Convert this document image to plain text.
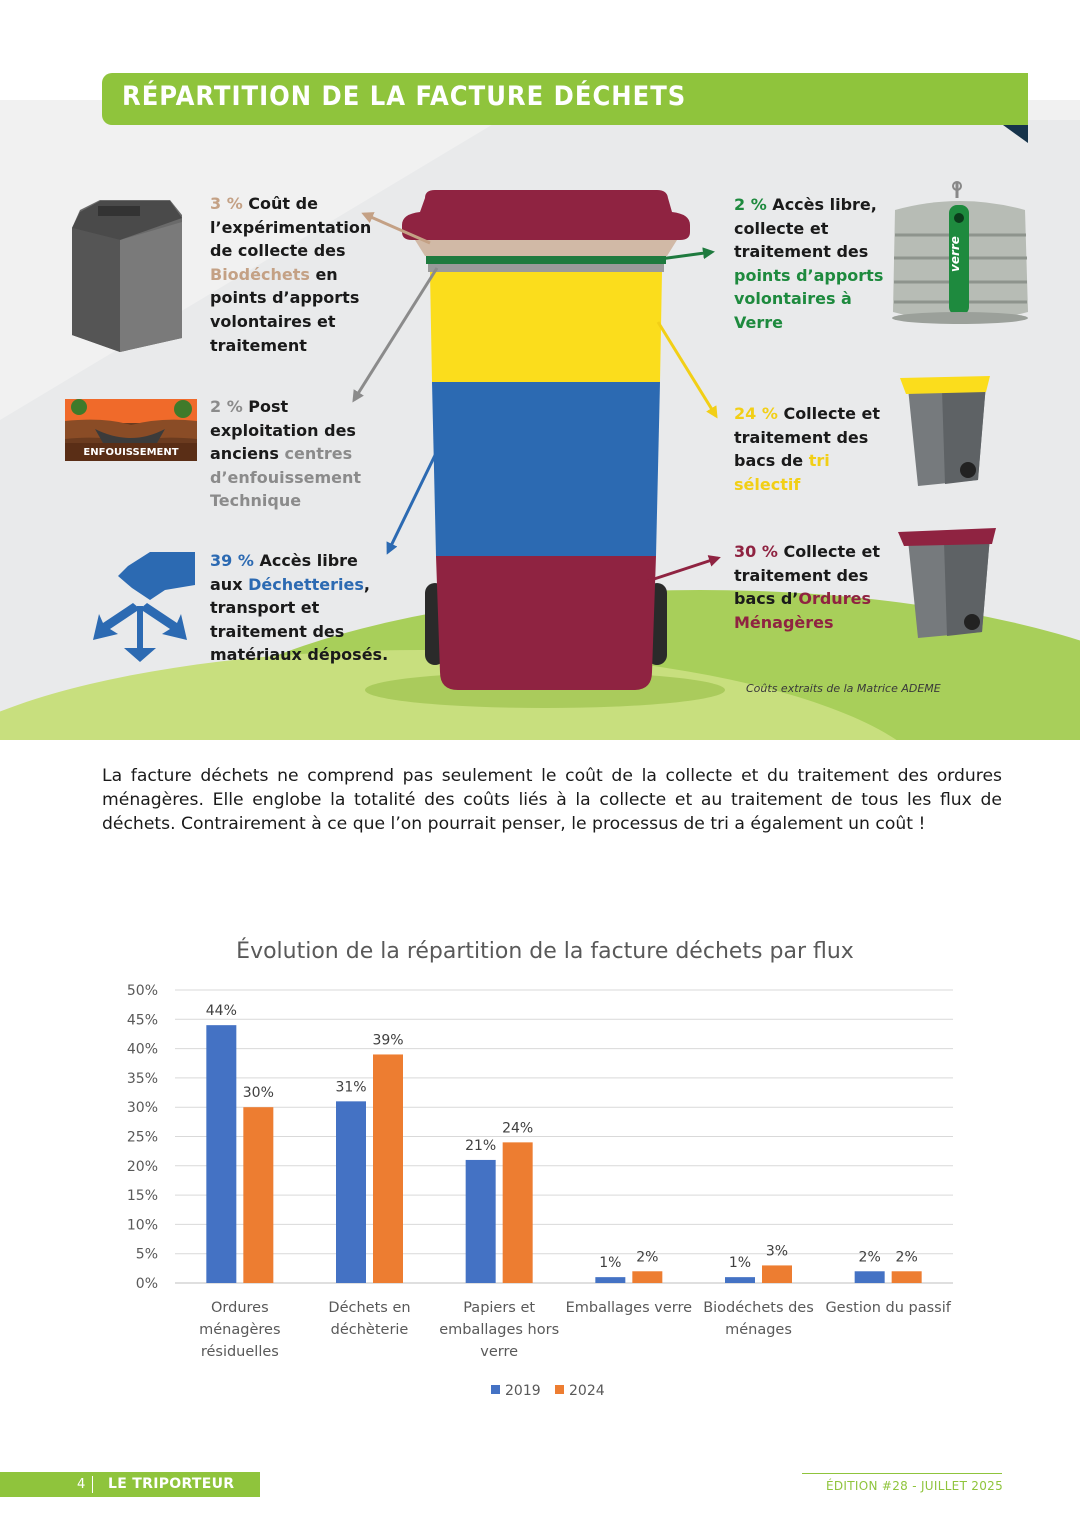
RÉPARTITION DE LA FACTURE DÉCHETS
ENFOUISSEMENT
verre
3 % Coût de l’expérimentation de collecte des Biodéchets en points d’apports volontaires et traitement
2 % Post exploitation des anciens centres d’enfouissement Technique
39 % Accès libre aux Déchetteries, transport et traitement des matériaux déposés.
2 % Accès libre, collecte et traitement des points d’apports volontaires à Verre
24 % Collecte et traitement des bacs de tri sélectif
30 % Collecte et traitement des bacs d’Ordures Ménagères
Coûts extraits de la Matrice ADEME

La facture déchets ne comprend pas seulement le coût de la collecte et du traitement des ordures ménagères. Elle englobe la totalité des coûts liés à la collecte et au traitement de tous les flux de déchets. Contrairement à ce que l’on pourrait penser, le processus de tri a également un coût !

Évolution de la répartition de la facture déchets par flux
0%
5%
10%
15%
20%
25%
30%
35%
40%
45%
50%
44%
30%	31%
39%
21%
24%
1% 2%	1%
3%	2% 2%
Ordures
ménagères
résiduelles
Déchets en
déchèterie
Papiers et
emballages hors
verre
Emballages verre Biodéchets des
ménages
Gestion du passif
2019 2024
4 LE TRIPORTEUR	ÉDITION #28 - JUILLET 2025
